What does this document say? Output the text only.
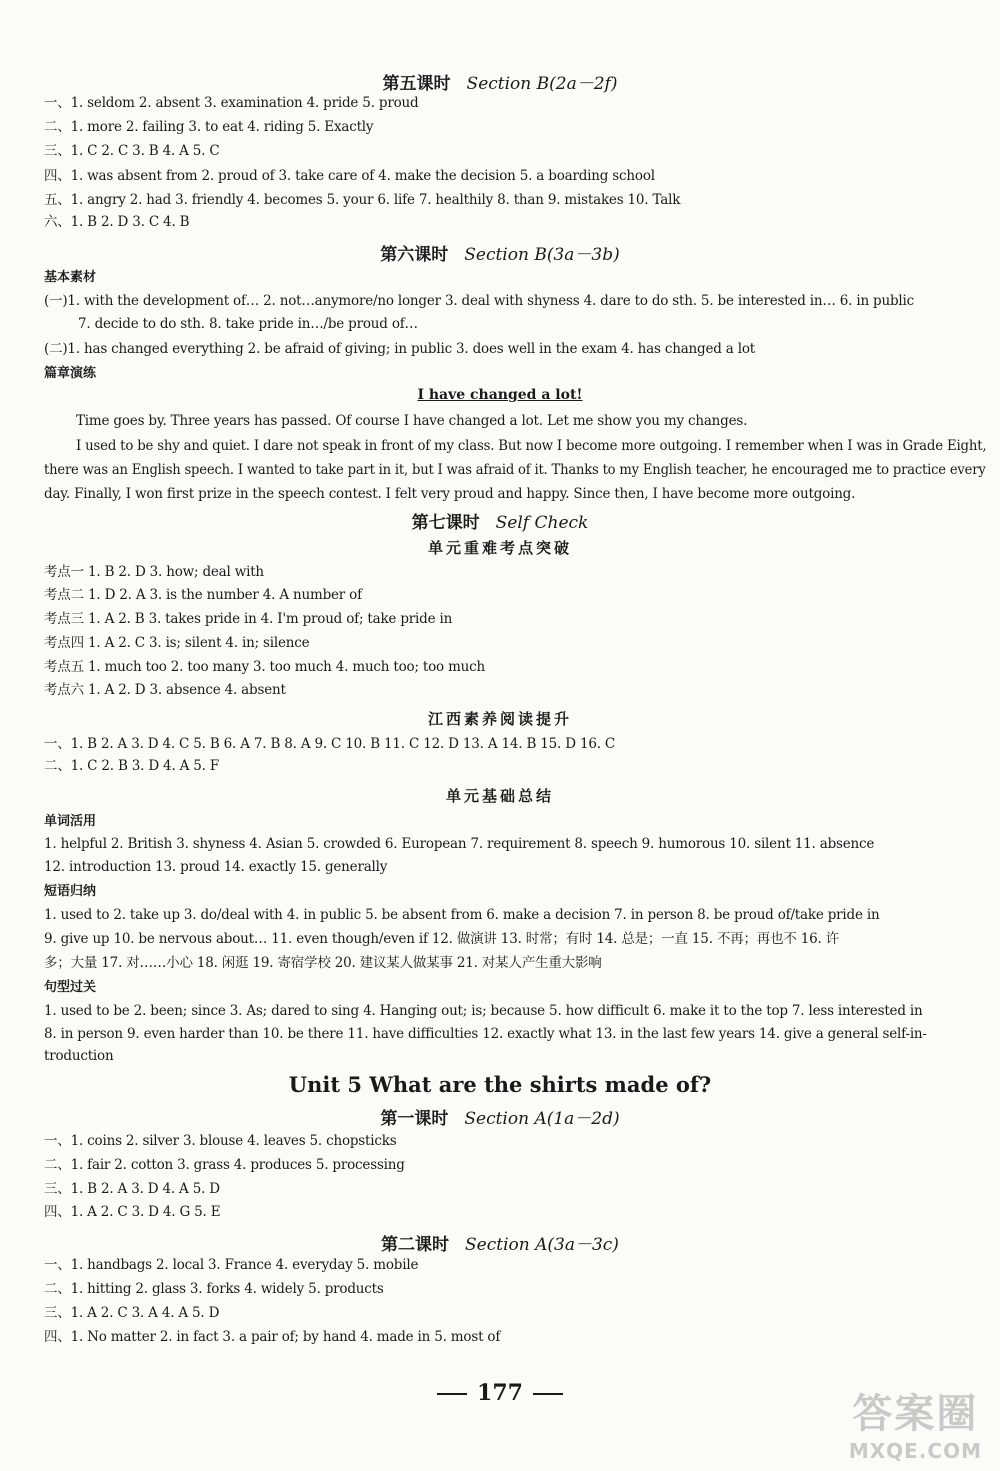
第五课时 Section B(2a－2f)
一、1. seldom 2. absent 3. examination 4. pride 5. proud
二、1. more 2. failing 3. to eat 4. riding 5. Exactly
三、1. C 2. C 3. B 4. A 5. C
四、1. was absent from 2. proud of 3. take care of 4. make the decision 5. a boarding school
五、1. angry 2. had 3. friendly 4. becomes 5. your 6. life 7. healthily 8. than 9. mistakes 10. Talk
六、1. B 2. D 3. C 4. B
第六课时 Section B(3a－3b)
基本素材
(一)1. with the development of… 2. not…anymore/no longer 3. deal with shyness 4. dare to do sth. 5. be interested in… 6. in public
7. decide to do sth. 8. take pride in…/be proud of…
(二)1. has changed everything 2. be afraid of giving; in public 3. does well in the exam 4. has changed a lot
篇章演练
I have changed a lot!
Time goes by. Three years has passed. Of course I have changed a lot. Let me show you my changes.
I used to be shy and quiet. I dare not speak in front of my class. But now I become more outgoing. I remember when I was in Grade Eight,
there was an English speech. I wanted to take part in it, but I was afraid of it. Thanks to my English teacher, he encouraged me to practice every
day. Finally, I won first prize in the speech contest. I felt very proud and happy. Since then, I have become more outgoing.
第七课时 Self Check
单元重难考点突破
考点一 1. B 2. D 3. how; deal with
考点二 1. D 2. A 3. is the number 4. A number of
考点三 1. A 2. B 3. takes pride in 4. I'm proud of; take pride in
考点四 1. A 2. C 3. is; silent 4. in; silence
考点五 1. much too 2. too many 3. too much 4. much too; too much
考点六 1. A 2. D 3. absence 4. absent
江西素养阅读提升
一、1. B 2. A 3. D 4. C 5. B 6. A 7. B 8. A 9. C 10. B 11. C 12. D 13. A 14. B 15. D 16. C
二、1. C 2. B 3. D 4. A 5. F
单元基础总结
单词活用
1. helpful 2. British 3. shyness 4. Asian 5. crowded 6. European 7. requirement 8. speech 9. humorous 10. silent 11. absence
12. introduction 13. proud 14. exactly 15. generally
短语归纳
1. used to 2. take up 3. do/deal with 4. in public 5. be absent from 6. make a decision 7. in person 8. be proud of/take pride in
9. give up 10. be nervous about… 11. even though/even if 12. 做演讲 13. 时常；有时 14. 总是；一直 15. 不再；再也不 16. 许
多；大量 17. 对……小心 18. 闲逛 19. 寄宿学校 20. 建议某人做某事 21. 对某人产生重大影响
句型过关
1. used to be 2. been; since 3. As; dared to sing 4. Hanging out; is; because 5. how difficult 6. make it to the top 7. less interested in
8. in person 9. even harder than 10. be there 11. have difficulties 12. exactly what 13. in the last few years 14. give a general self-in-
troduction
Unit 5 What are the shirts made of?
第一课时 Section A(1a－2d)
一、1. coins 2. silver 3. blouse 4. leaves 5. chopsticks
二、1. fair 2. cotton 3. grass 4. produces 5. processing
三、1. B 2. A 3. D 4. A 5. D
四、1. A 2. C 3. D 4. G 5. E
第二课时 Section A(3a－3c)
一、1. handbags 2. local 3. France 4. everyday 5. mobile
二、1. hitting 2. glass 3. forks 4. widely 5. products
三、1. A 2. C 3. A 4. A 5. D
四、1. No matter 2. in fact 3. a pair of; by hand 4. made in 5. most of
177	答案圈
MXQE.COM
